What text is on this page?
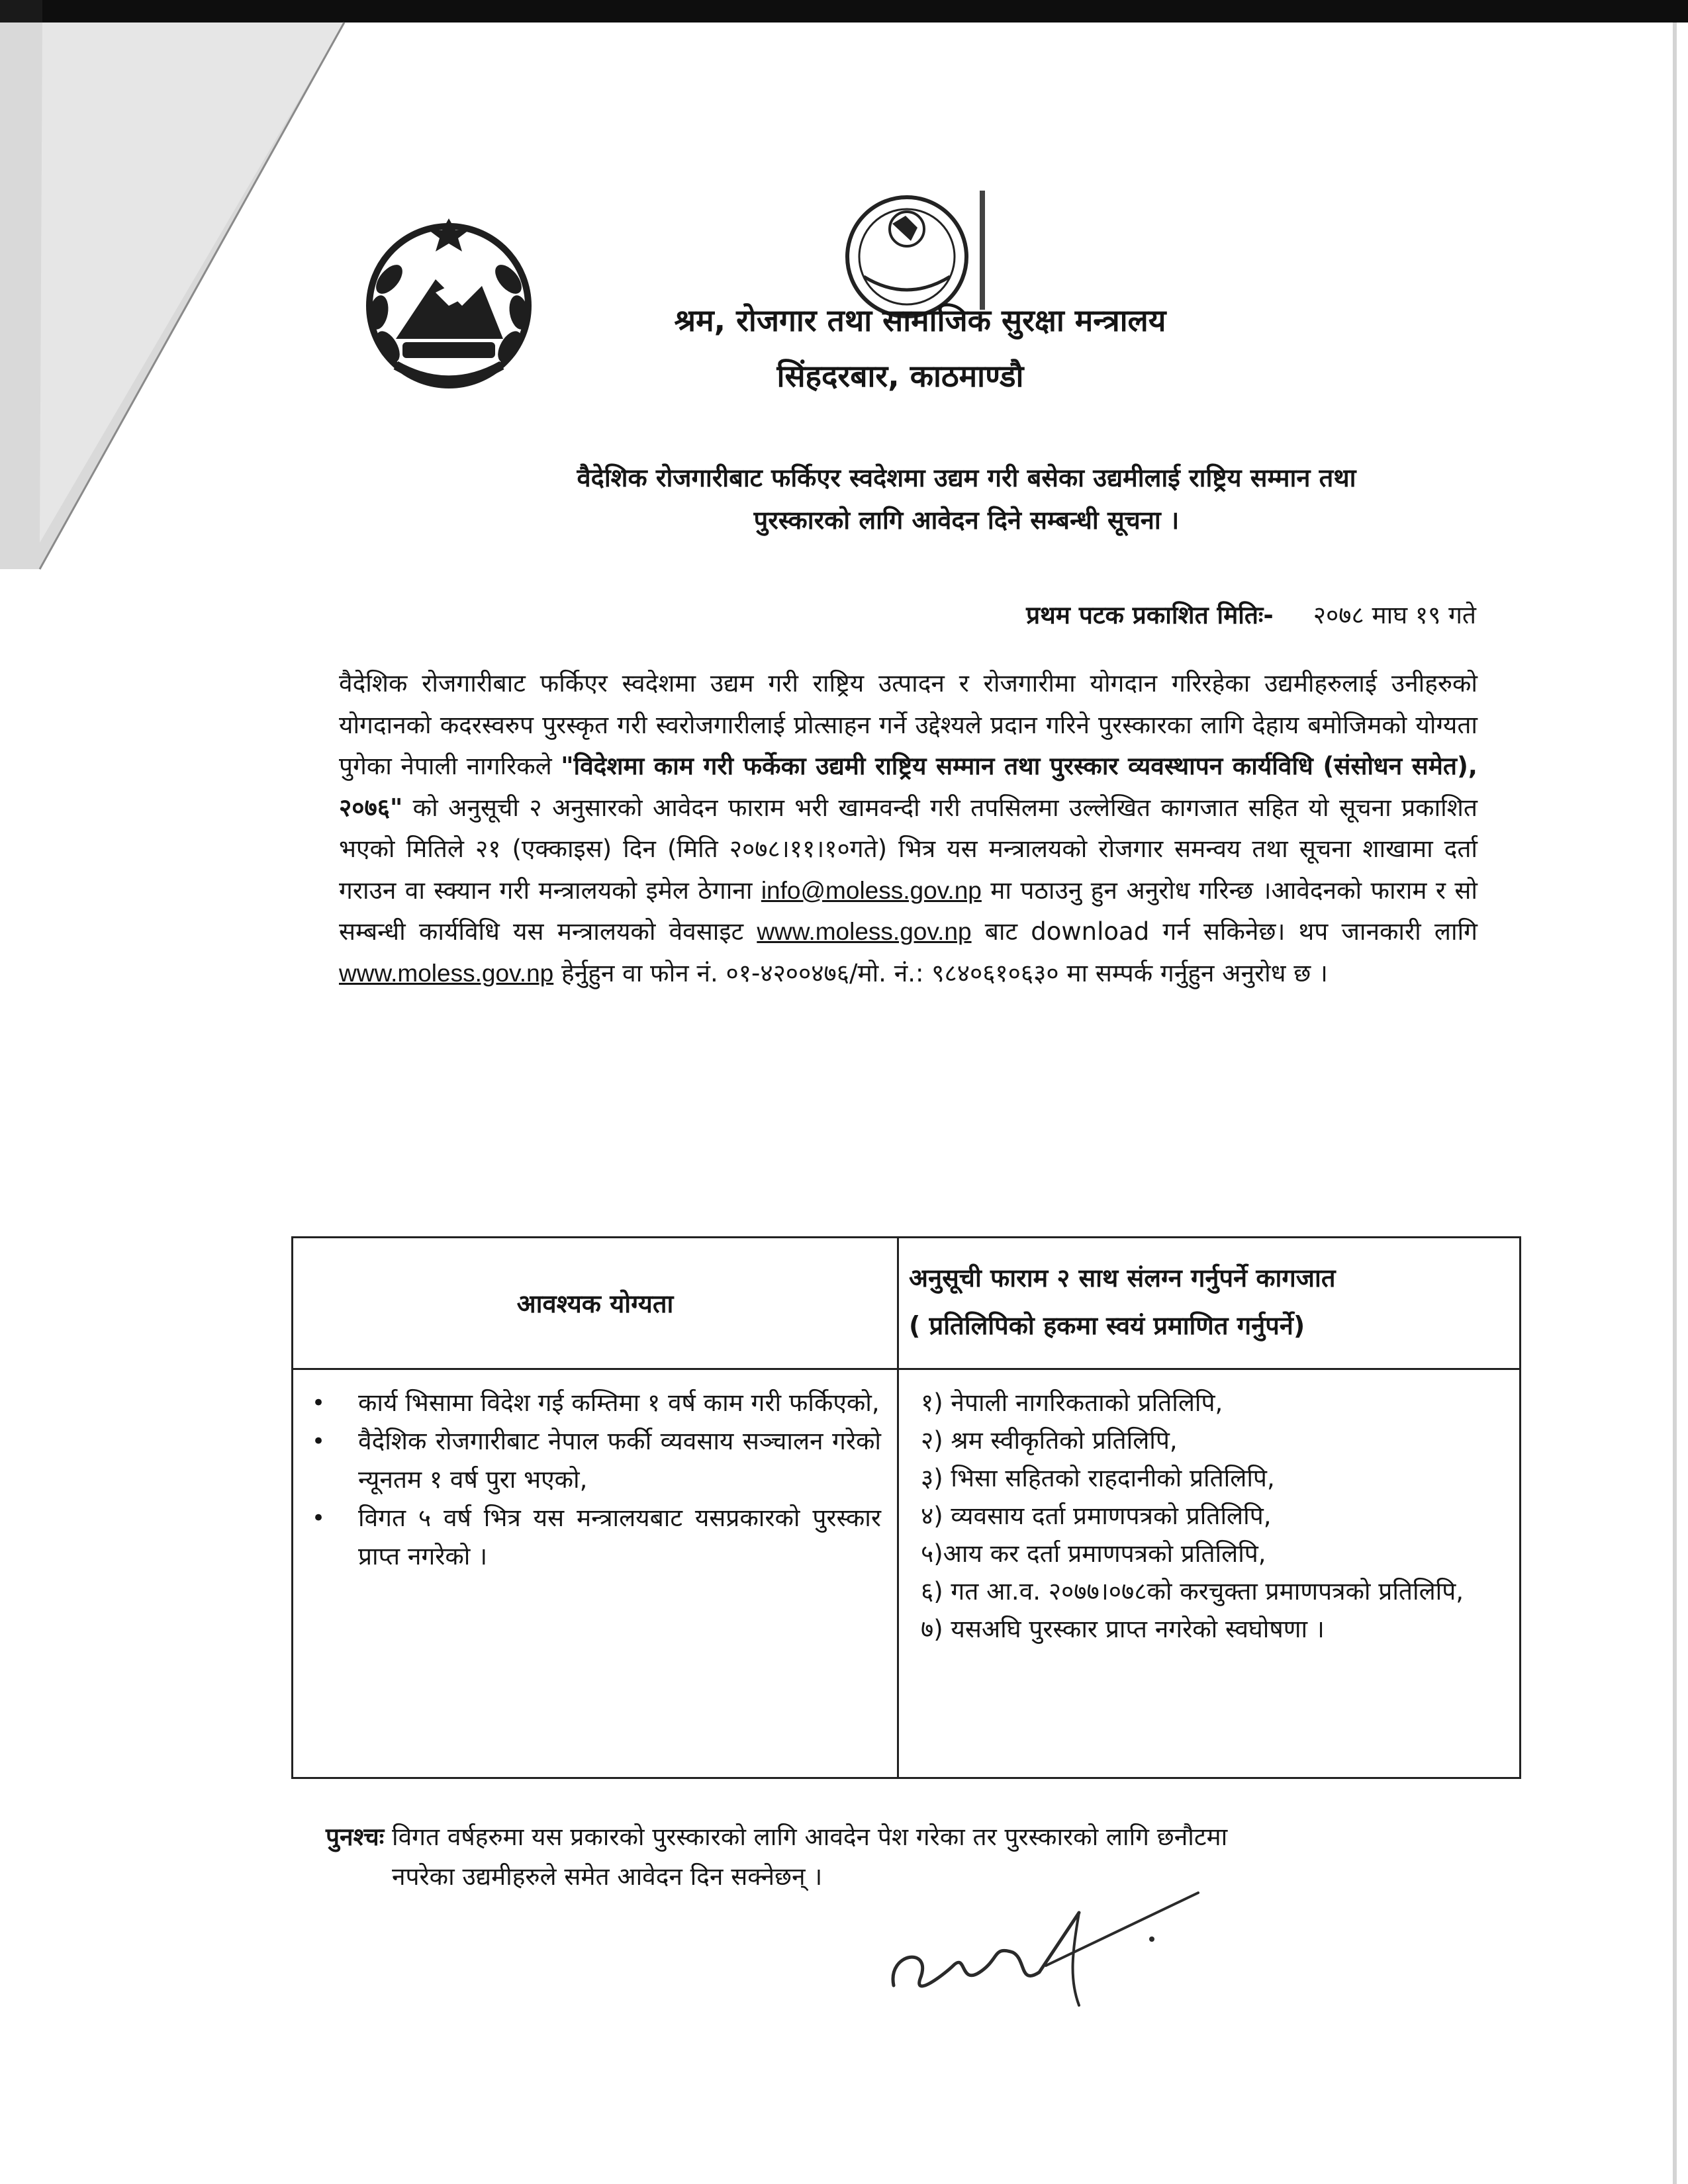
श्रम, रोजगार तथा सामाजिक सुरक्षा मन्त्रालय
सिंहदरबार, काठमाण्डौ
वैदेशिक रोजगारीबाट फर्किएर स्वदेशमा उद्यम गरी बसेका उद्यमीलाई राष्ट्रिय सम्मान तथा
पुरस्कारको लागि आवेदन दिने सम्बन्धी सूचना ।
प्रथम पटक प्रकाशित मितिः- २०७८ माघ १९ गते
वैदेशिक रोजगारीबाट फर्किएर स्वदेशमा उद्यम गरी राष्ट्रिय उत्पादन र रोजगारीमा योगदान गरिरहेका उद्यमीहरुलाई उनीहरुको योगदानको कदरस्वरुप पुरस्कृत गरी स्वरोजगारीलाई प्रोत्साहन गर्ने उद्देश्यले प्रदान गरिने पुरस्कारका लागि देहाय बमोजिमको योग्यता पुगेका नेपाली नागरिकले "विदेशमा काम गरी फर्केका उद्यमी राष्ट्रिय सम्मान तथा पुरस्कार व्यवस्थापन कार्यविधि (संसोधन समेत), २०७६" को अनुसूची २ अनुसारको आवेदन फाराम भरी खामवन्दी गरी तपसिलमा उल्लेखित कागजात सहित यो सूचना प्रकाशित भएको मितिले २१ (एक्काइस) दिन (मिति २०७८।११।१०गते) भित्र यस मन्त्रालयको रोजगार समन्वय तथा सूचना शाखामा दर्ता गराउन वा स्क्यान गरी मन्त्रालयको इमेल ठेगाना info@moless.gov.np मा पठाउनु हुन अनुरोध गरिन्छ ।आवेदनको फाराम र सो सम्बन्धी कार्यविधि यस मन्त्रालयको वेवसाइट www.moless.gov.np बाट download गर्न सकिनेछ। थप जानकारी लागि www.moless.gov.np हेर्नुहुन वा फोन नं. ०१-४२००४७६/मो. नं.: ९८४०६१०६३० मा सम्पर्क गर्नुहुन अनुरोध छ ।
आवश्यक योग्यता
अनुसूची फाराम २ साथ संलग्न गर्नुपर्ने कागजात
( प्रतिलिपिको हकमा स्वयं प्रमाणित गर्नुपर्ने)
• कार्य भिसामा विदेश गई कम्तिमा १ वर्ष काम गरी फर्किएको,
• वैदेशिक रोजगारीबाट नेपाल फर्की व्यवसाय सञ्चालन गरेको न्यूनतम १ वर्ष पुरा भएको,
• विगत ५ वर्ष भित्र यस मन्त्रालयबाट यसप्रकारको पुरस्कार प्राप्त नगरेको ।
१) नेपाली नागरिकताको प्रतिलिपि,
२) श्रम स्वीकृतिको प्रतिलिपि,
३) भिसा सहितको राहदानीको प्रतिलिपि,
४) व्यवसाय दर्ता प्रमाणपत्रको प्रतिलिपि,
५)आय कर दर्ता प्रमाणपत्रको प्रतिलिपि,
६) गत आ.व. २०७७।०७८को करचुक्ता प्रमाणपत्रको प्रतिलिपि,
७) यसअघि पुरस्कार प्राप्त नगरेको स्वघोषणा ।
पुनश्चः विगत वर्षहरुमा यस प्रकारको पुरस्कारको लागि आवदेन पेश गरेका तर पुरस्कारको लागि छनौटमा
नपरेका उद्यमीहरुले समेत आवेदन दिन सक्नेछन् ।
